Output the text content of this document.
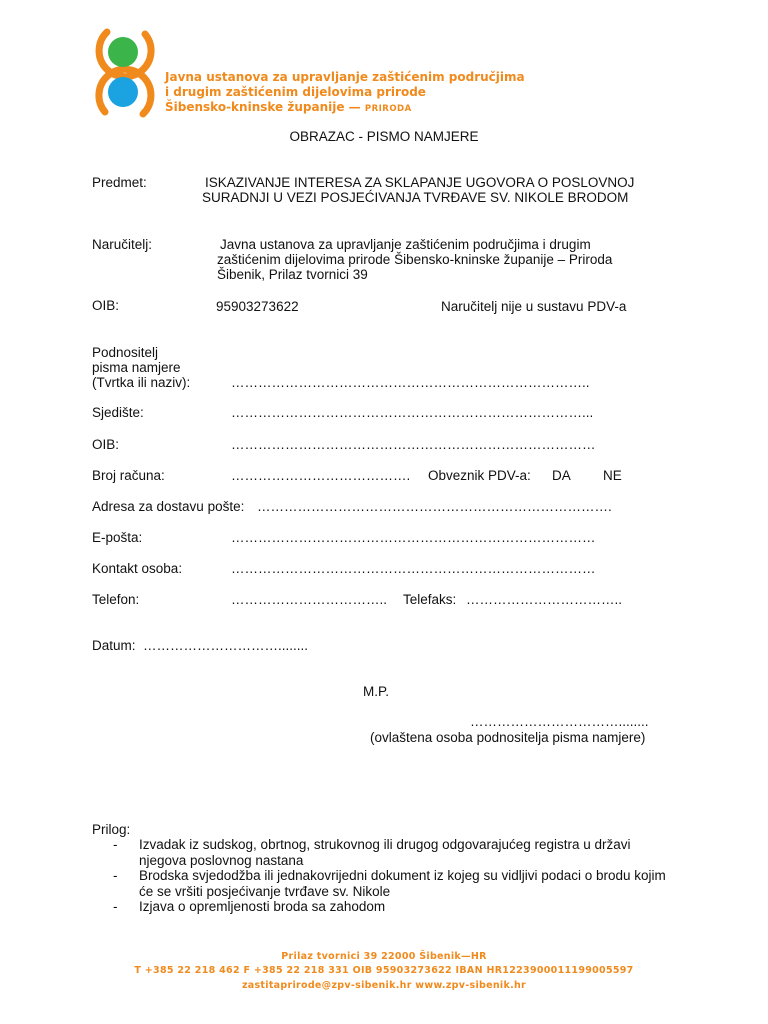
Javna ustanova za upravljanje zaštićenim područjima
i drugim zaštićenim dijelovima prirode
Šibensko-kninske županije — PRIRODA
OBRAZAC - PISMO NAMJERE
Predmet:	ISKAZIVANJE INTERESA ZA SKLAPANJE UGOVORA O POSLOVNOJ
SURADNJI U VEZI POSJEĆIVANJA TVRĐAVE SV. NIKOLE BRODOM
Naručitelj:	Javna ustanova za upravljanje zaštićenim područjima i drugim
zaštićenim dijelovima prirode Šibensko-kninske županije – Priroda
Šibenik, Prilaz tvornici 39
OIB:	95903273622	Naručitelj nije u sustavu PDV-a
Podnositelj
pisma namjere
(Tvrtka ili naziv):	……………………………………………………………………..
Sjedište:	……………………………………………………………………...
OIB:	………………………………………………………………………
Broj računa:	…………………………………. Obveznik PDV-a: DA NE
Adresa za dostavu pošte: …………………………………………………………………….
E-pošta:	………………………………………………………………………
Kontakt osoba:	………………………………………………………………………
Telefon:	…………………………….. Telefaks: ……………………………..
Datum: …………………………........
M.P.
……………………………........
(ovlaštena osoba podnositelja pisma namjere)
Prilog:
- Izvadak iz sudskog, obrtnog, strukovnog ili drugog odgovarajućeg registra u državi
njegova poslovnog nastana
- Brodska svjedodžba ili jednakovrijedni dokument iz kojeg su vidljivi podaci o brodu kojim
će se vršiti posjećivanje tvrđave sv. Nikole
- Izjava o opremljenosti broda sa zahodom
Prilaz tvornici 39 22000 Šibenik—HR
T +385 22 218 462 F +385 22 218 331 OIB 95903273622 IBAN HR1223900011199005597
zastitaprirode@zpv-sibenik.hr www.zpv-sibenik.hr
